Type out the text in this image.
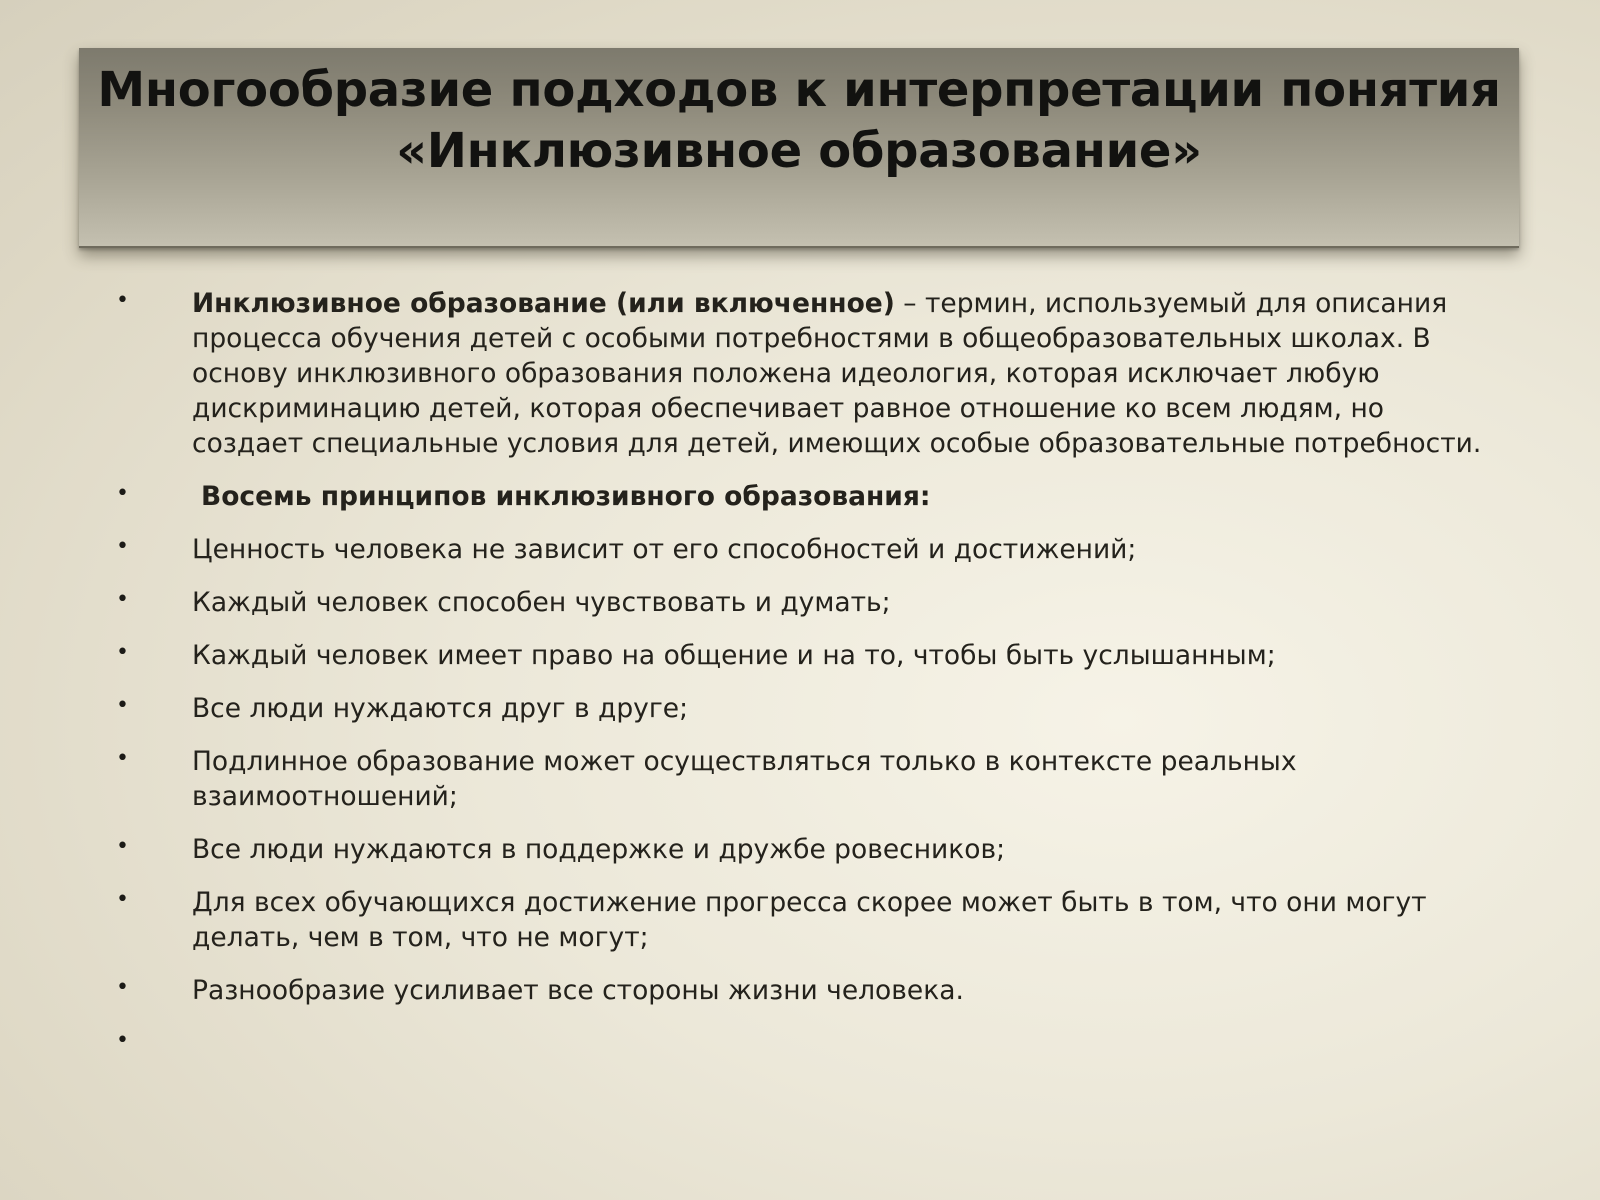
Многообразие подходов к интерпретации понятия
«Инклюзивное образование»
• Инклюзивное образование (или включенное) – термин, используемый для описания процесса обучения детей с особыми потребностями в общеобразовательных школах. В основу инклюзивного образования положена идеология, которая исключает любую дискриминацию детей, которая обеспечивает равное отношение ко всем людям, но создает специальные условия для детей, имеющих особые образовательные потребности.
•	Восемь принципов инклюзивного образования:
• Ценность человека не зависит от его способностей и достижений;
• Каждый человек способен чувствовать и думать;
• Каждый человек имеет право на общение и на то, чтобы быть услышанным;
• Все люди нуждаются друг в друге;
• Подлинное образование может осуществляться только в контексте реальных взаимоотношений;
• Все люди нуждаются в поддержке и дружбе ровесников;
• Для всех обучающихся достижение прогресса скорее может быть в том, что они могут делать, чем в том, что не могут;
• Разнообразие усиливает все стороны жизни человека.
•
